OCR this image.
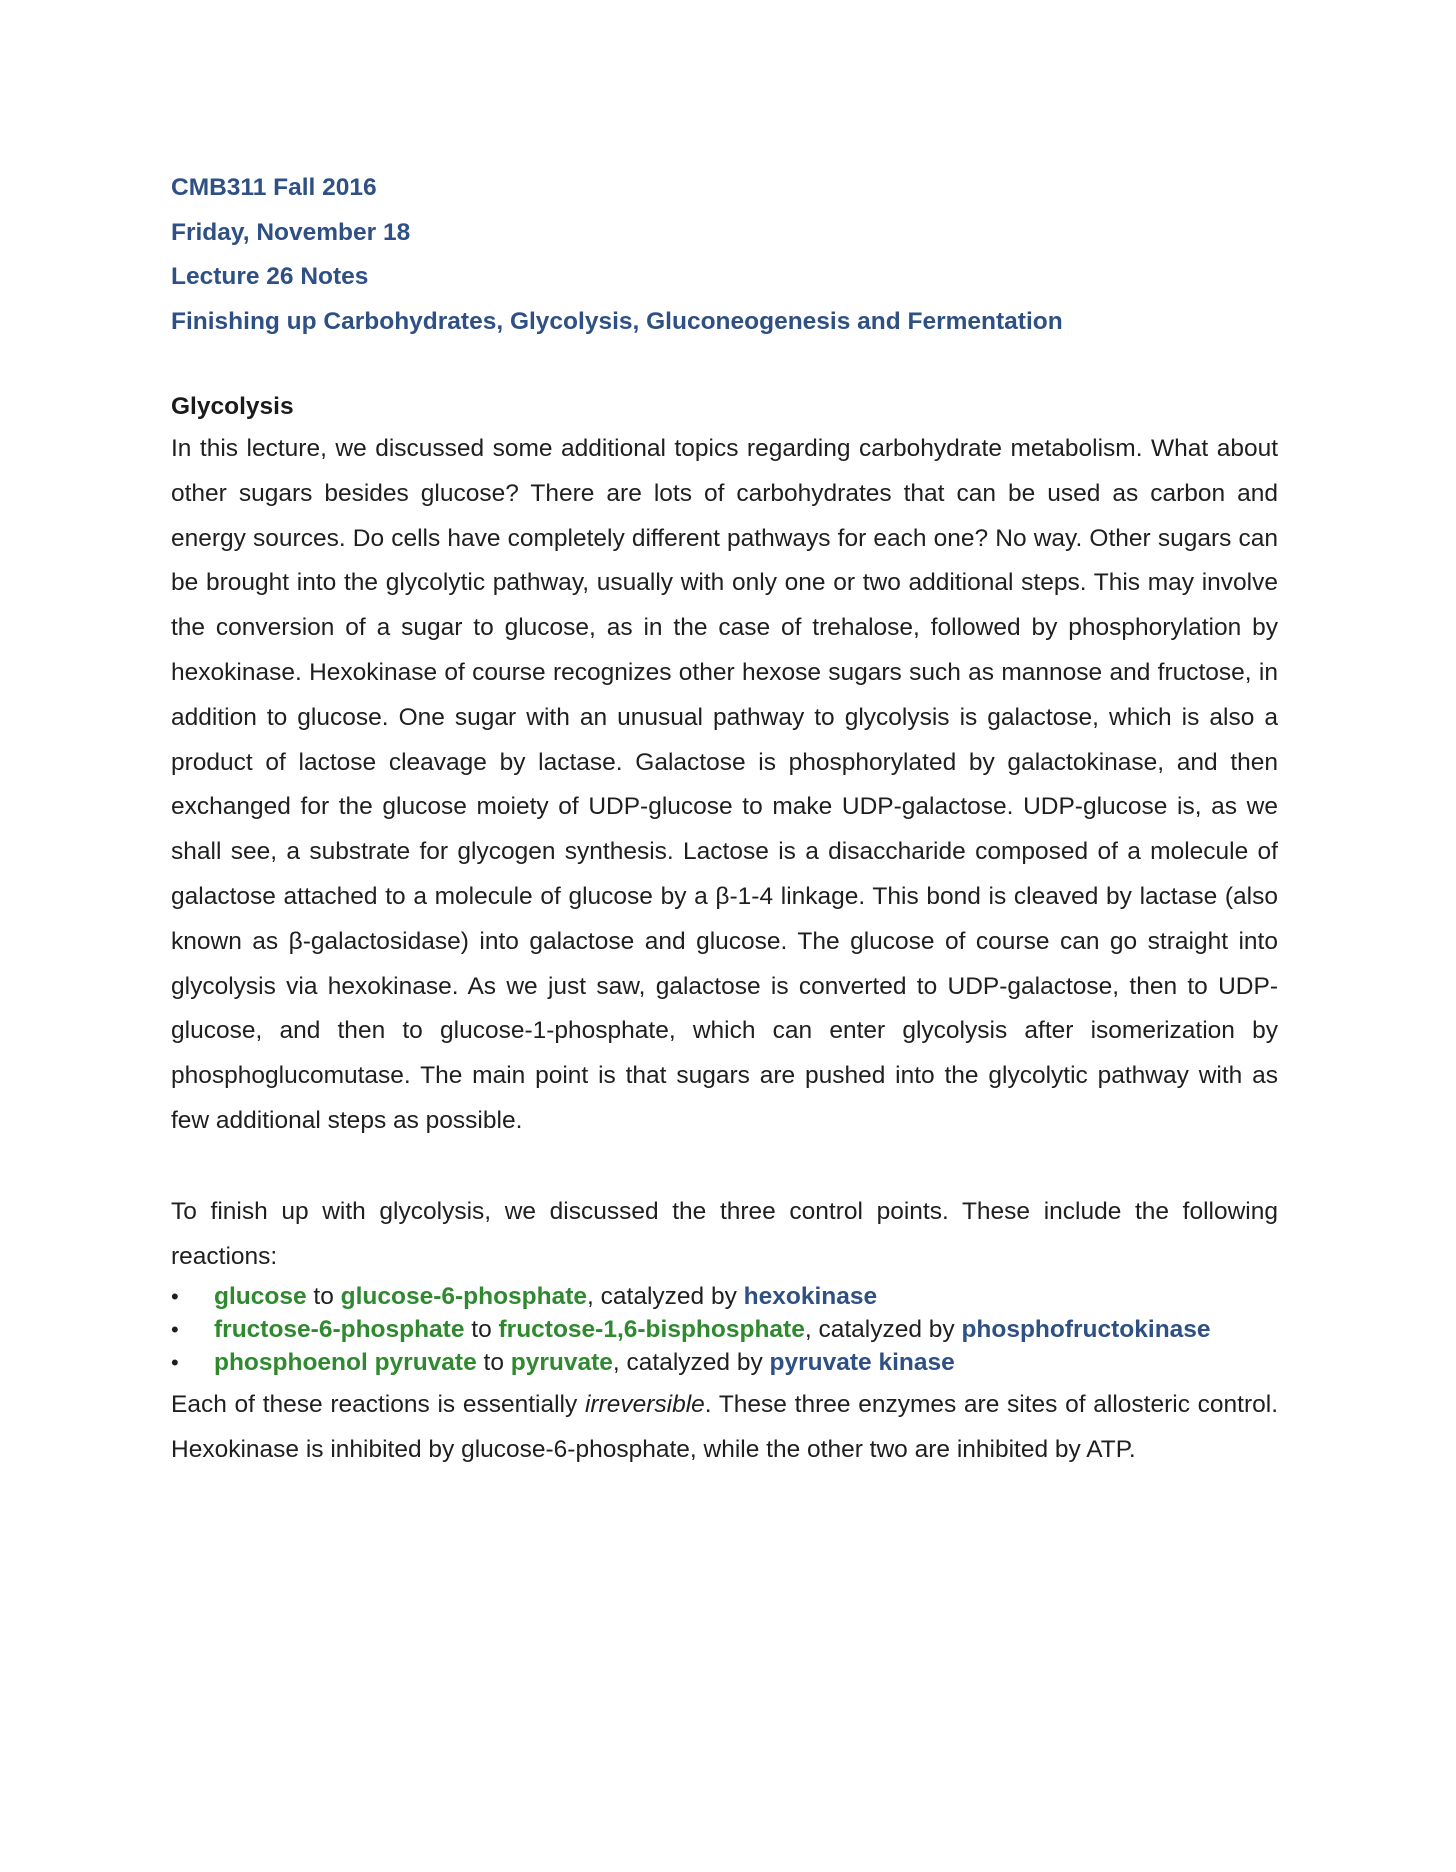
CMB311 Fall 2016
Friday, November 18
Lecture 26 Notes
Finishing up Carbohydrates, Glycolysis, Gluconeogenesis and Fermentation
Glycolysis

In this lecture, we discussed some additional topics regarding carbohydrate metabolism. What about other sugars besides glucose? There are lots of carbohydrates that can be used as carbon and energy sources. Do cells have completely different pathways for each one? No way. Other sugars can be brought into the glycolytic pathway, usually with only one or two additional steps. This may involve the conversion of a sugar to glucose, as in the case of trehalose, followed by phosphorylation by hexokinase. Hexokinase of course recognizes other hexose sugars such as mannose and fructose, in addition to glucose. One sugar with an unusual pathway to glycolysis is galactose, which is also a product of lactose cleavage by lactase. Galactose is phosphorylated by galactokinase, and then exchanged for the glucose moiety of UDP-glucose to make UDP-galactose. UDP-glucose is, as we shall see, a substrate for glycogen synthesis. Lactose is a disaccharide composed of a molecule of galactose attached to a molecule of glucose by a β-1-4 linkage. This bond is cleaved by lactase (also known as β-galactosidase) into galactose and glucose. The glucose of course can go straight into glycolysis via hexokinase. As we just saw, galactose is converted to UDP-galactose, then to UDP-glucose, and then to glucose-1-phosphate, which can enter glycolysis after isomerization by phosphoglucomutase. The main point is that sugars are pushed into the glycolytic pathway with as few additional steps as possible.

To finish up with glycolysis, we discussed the three control points. These include the following reactions:

• glucose to glucose-6-phosphate, catalyzed by hexokinase
• fructose-6-phosphate to fructose-1,6-bisphosphate, catalyzed by phosphofructokinase
• phosphoenol pyruvate to pyruvate, catalyzed by pyruvate kinase

Each of these reactions is essentially irreversible. These three enzymes are sites of allosteric control. Hexokinase is inhibited by glucose-6-phosphate, while the other two are inhibited by ATP.
